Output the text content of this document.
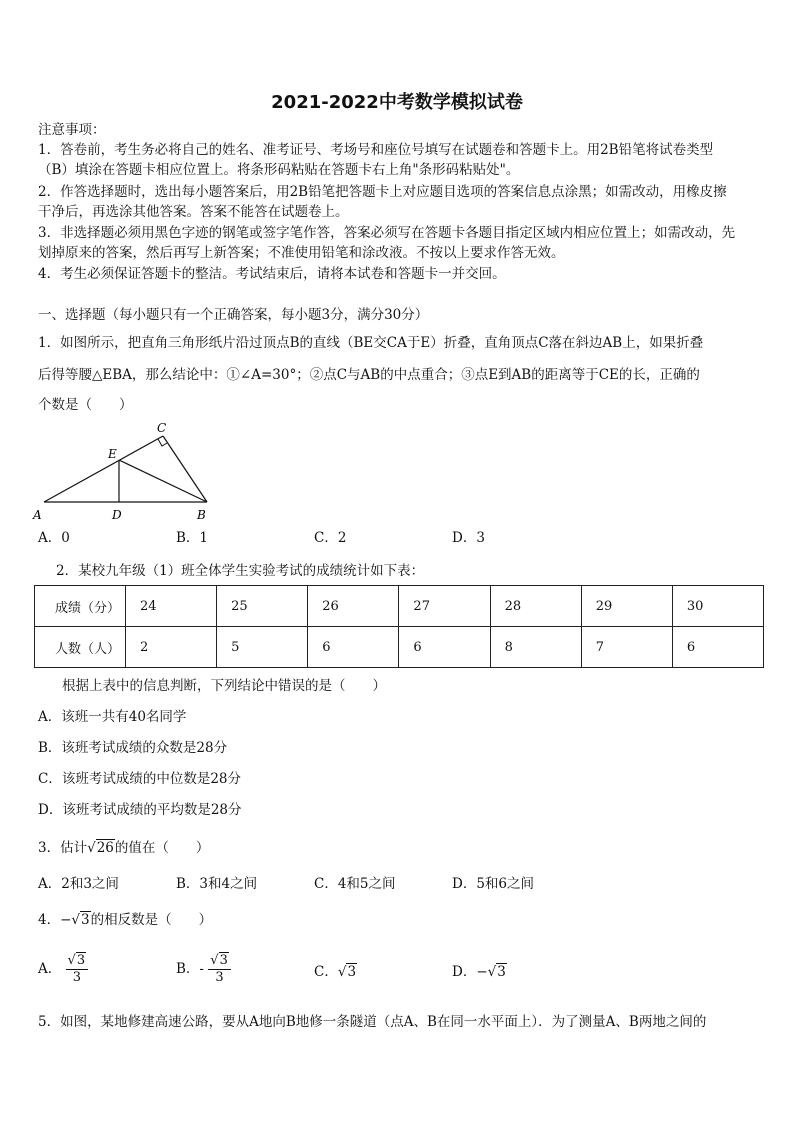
2021-2022中考数学模拟试卷
注意事项：
1．答卷前，考生务必将自己的姓名、准考证号、考场号和座位号填写在试题卷和答题卡上。用2B铅笔将试卷类型
（B）填涂在答题卡相应位置上。将条形码粘贴在答题卡右上角"条形码粘贴处"。
2．作答选择题时，选出每小题答案后，用2B铅笔把答题卡上对应题目选项的答案信息点涂黑；如需改动，用橡皮擦
干净后，再选涂其他答案。答案不能答在试题卷上。
3．非选择题必须用黑色字迹的钢笔或签字笔作答，答案必须写在答题卡各题目指定区域内相应位置上；如需改动，先
划掉原来的答案，然后再写上新答案；不准使用铅笔和涂改液。不按以上要求作答无效。
4．考生必须保证答题卡的整洁。考试结束后，请将本试卷和答题卡一并交回。
一、选择题（每小题只有一个正确答案，每小题3分，满分30分）
1．如图所示，把直角三角形纸片沿过顶点B的直线（BE交CA于E）折叠，直角顶点C落在斜边AB上，如果折叠
后得等腰△EBA，那么结论中：①∠A=30°；②点C与AB的中点重合；③点E到AB的距离等于CE的长，正确的
个数是（　　）
A	D	B
C
E
A．0	B．1	C．2	D．3
2．某校九年级（1）班全体学生实验考试的成绩统计如下表：
成绩（分）	24	25	26	27	28	29	30
人数（人）	2	5	6	6	8	7	6
根据上表中的信息判断，下列结论中错误的是（　　）
A．该班一共有40名同学
B．该班考试成绩的众数是28分
C．该班考试成绩的中位数是28分
D．该班考试成绩的平均数是28分
3．估计√26的值在（　　）
A．2和3之间	B．3和4之间	C．4和5之间	D．5和6之间
4．−√3的相反数是（　　）
A． $\frac{√3}{3}$	B．- $\frac{√3}{3}$	C．√3	D．−√3
5．如图，某地修建高速公路，要从A地向B地修一条隧道（点A、B在同一水平面上）．为了测量A、B两地之间的
